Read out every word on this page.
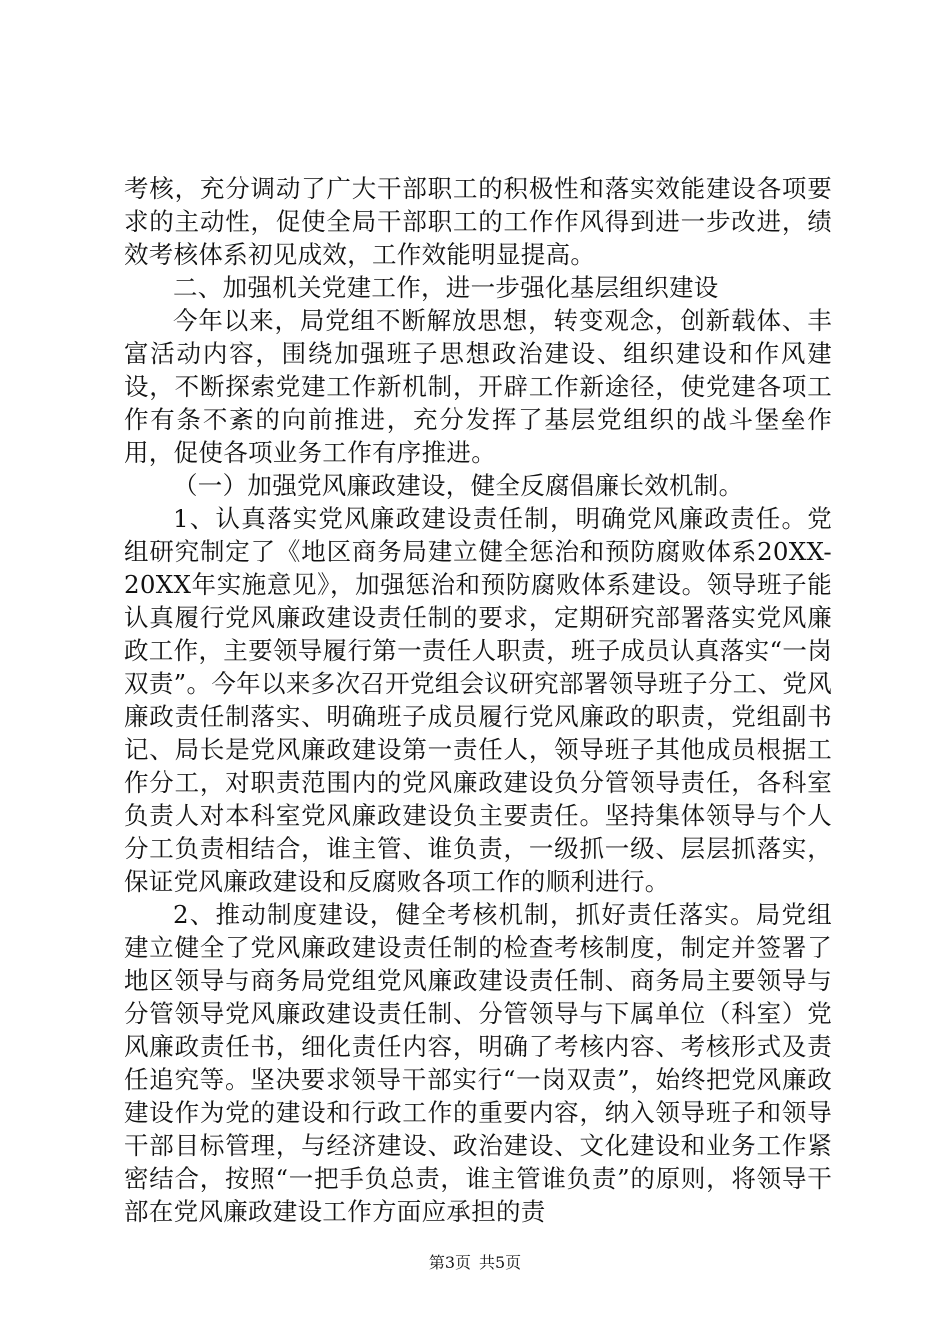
考核，充分调动了广大干部职工的积极性和落实效能建设各项要求的主动性，促使全局干部职工的工作作风得到进一步改进，绩效考核体系初见成效，工作效能明显提高。

二、加强机关党建工作，进一步强化基层组织建设

今年以来，局党组不断解放思想，转变观念，创新载体、丰富活动内容，围绕加强班子思想政治建设、组织建设和作风建设，不断探索党建工作新机制，开辟工作新途径，使党建各项工作有条不紊的向前推进，充分发挥了基层党组织的战斗堡垒作用，促使各项业务工作有序推进。

（一）加强党风廉政建设，健全反腐倡廉长效机制。

1、认真落实党风廉政建设责任制，明确党风廉政责任。党组研究制定了《地区商务局建立健全惩治和预防腐败体系20XX-20XX年实施意见》，加强惩治和预防腐败体系建设。领导班子能认真履行党风廉政建设责任制的要求，定期研究部署落实党风廉政工作，主要领导履行第一责任人职责，班子成员认真落实“一岗双责”。今年以来多次召开党组会议研究部署领导班子分工、党风廉政责任制落实、明确班子成员履行党风廉政的职责，党组副书记、局长是党风廉政建设第一责任人，领导班子其他成员根据工作分工，对职责范围内的党风廉政建设负分管领导责任，各科室负责人对本科室党风廉政建设负主要责任。坚持集体领导与个人分工负责相结合，谁主管、谁负责，一级抓一级、层层抓落实，保证党风廉政建设和反腐败各项工作的顺利进行。

2、推动制度建设，健全考核机制，抓好责任落实。局党组建立健全了党风廉政建设责任制的检查考核制度，制定并签署了地区领导与商务局党组党风廉政建设责任制、商务局主要领导与分管领导党风廉政建设责任制、分管领导与下属单位（科室）党风廉政责任书，细化责任内容，明确了考核内容、考核形式及责任追究等。坚决要求领导干部实行“一岗双责”，始终把党风廉政建设作为党的建设和行政工作的重要内容，纳入领导班子和领导干部目标管理，与经济建设、政治建设、文化建设和业务工作紧密结合，按照“一把手负总责，谁主管谁负责”的原则，将领导干部在党风廉政建设工作方面应承担的责

第3页 共5页
